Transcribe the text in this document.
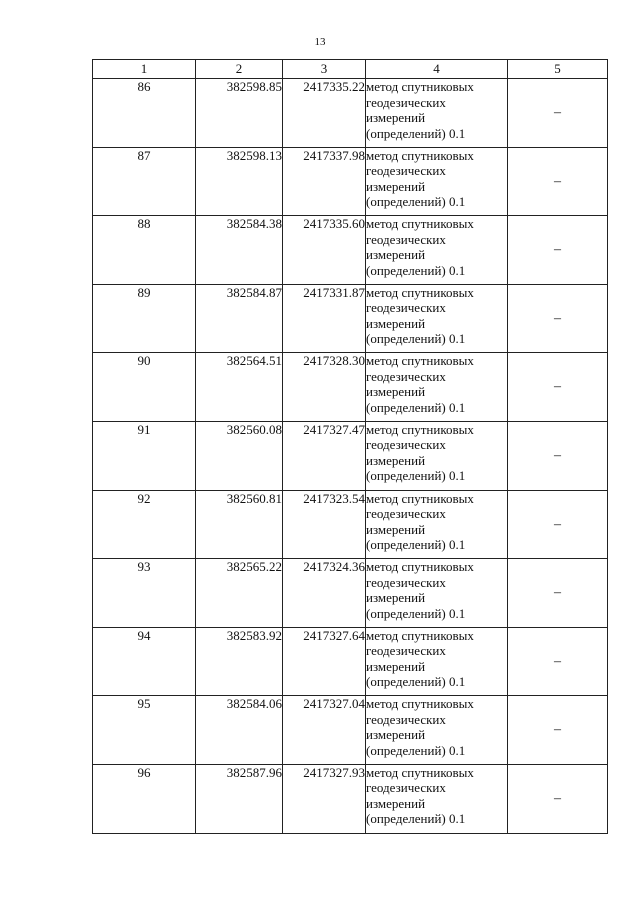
13
1	2	3	4	5
86	382598.85	2417335.22	метод спутниковых геодезических измерений (определений) 0.1	–
87	382598.13	2417337.98	метод спутниковых геодезических измерений (определений) 0.1	–
88	382584.38	2417335.60	метод спутниковых геодезических измерений (определений) 0.1	–
89	382584.87	2417331.87	метод спутниковых геодезических измерений (определений) 0.1	–
90	382564.51	2417328.30	метод спутниковых геодезических измерений (определений) 0.1	–
91	382560.08	2417327.47	метод спутниковых геодезических измерений (определений) 0.1	–
92	382560.81	2417323.54	метод спутниковых геодезических измерений (определений) 0.1	–
93	382565.22	2417324.36	метод спутниковых геодезических измерений (определений) 0.1	–
94	382583.92	2417327.64	метод спутниковых геодезических измерений (определений) 0.1	–
95	382584.06	2417327.04	метод спутниковых геодезических измерений (определений) 0.1	–
96	382587.96	2417327.93	метод спутниковых геодезических измерений (определений) 0.1	–
